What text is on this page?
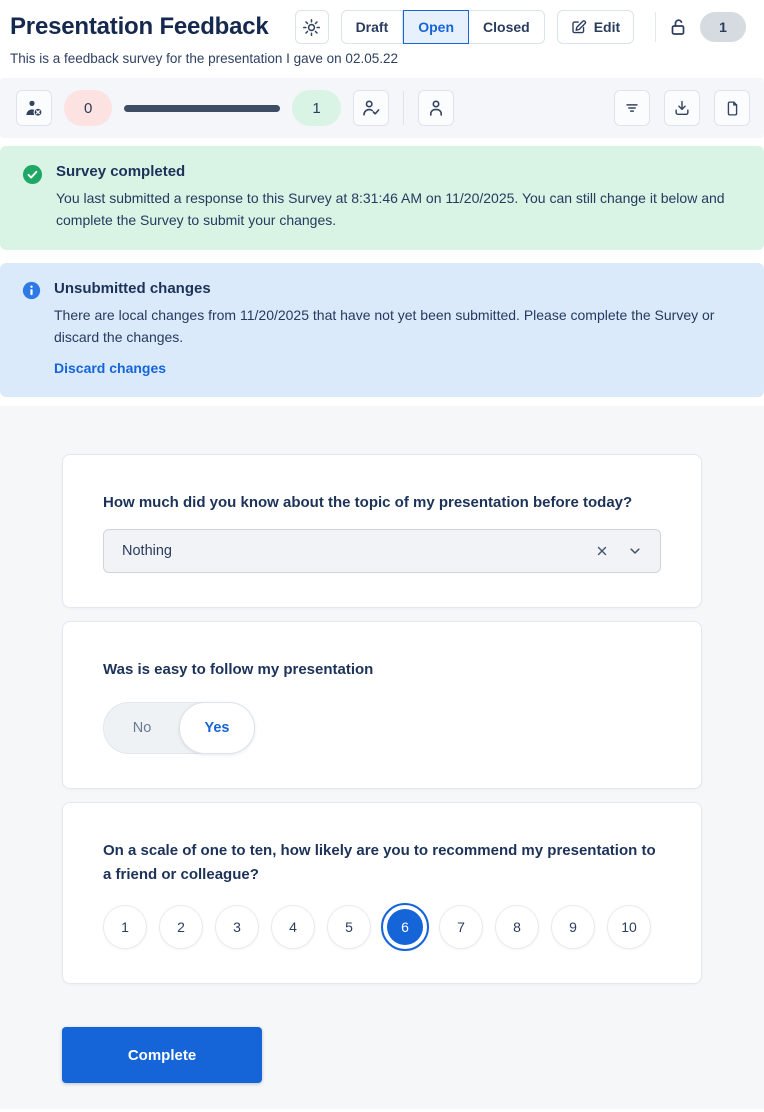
Presentation Feedback	Draft	Open	Closed	Edit	1

This is a feedback survey for the presentation I gave on 02.05.22

0	1
Survey completed
You last submitted a response to this Survey at 8:31:46 AM on 11/20/2025. You can still change it below and complete the Survey to submit your changes.
Unsubmitted changes
There are local changes from 11/20/2025 that have not yet been submitted. Please complete the Survey or discard the changes.
Discard changes
How much did you know about the topic of my presentation before today?
Nothing
Was is easy to follow my presentation
No	Yes
On a scale of one to ten, how likely are you to recommend my presentation to a friend or colleague?
1	2	3	4	5	6	7	8	9	10
Complete
